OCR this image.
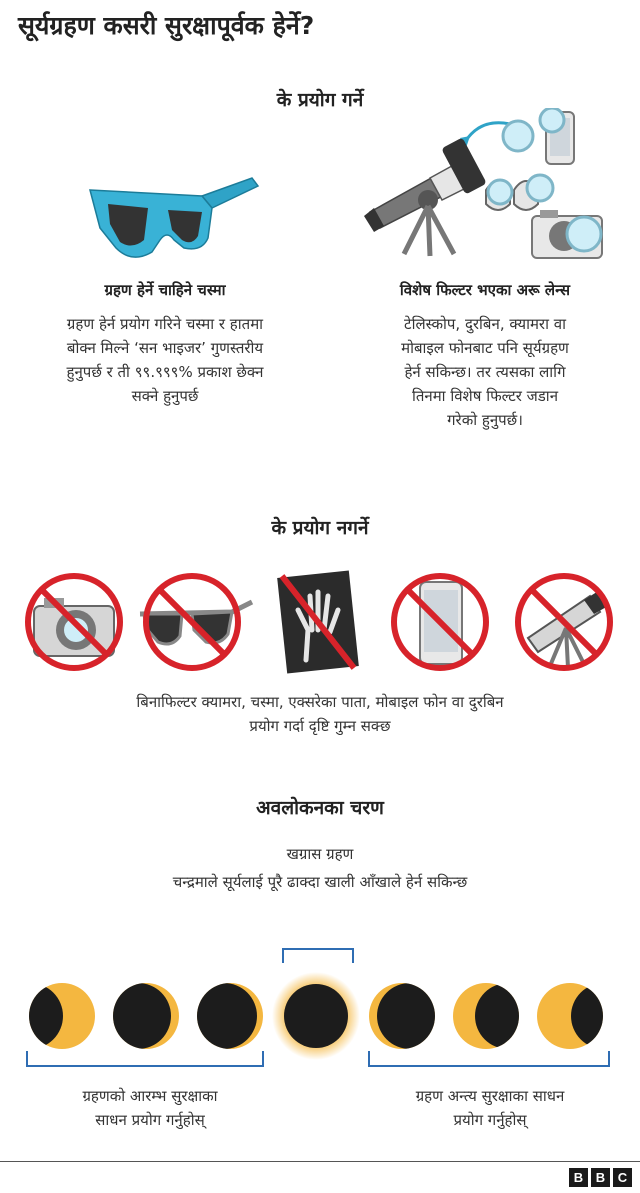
सूर्यग्रहण कसरी सुरक्षापूर्वक हेर्ने?
के प्रयोग गर्ने
ग्रहण हेर्ने चाहिने चस्मा
ग्रहण हेर्न प्रयोग गरिने चस्मा र हातमा
बोक्न मिल्ने ‘सन भाइजर’ गुणस्तरीय
हुनुपर्छ र ती ९९.९९९% प्रकाश छेक्न
सक्ने हुनुपर्छ
विशेष फिल्टर भएका अरू लेन्स
टेलिस्कोप, दुरबिन, क्यामरा वा
मोबाइल फोनबाट पनि सूर्यग्रहण
हेर्न सकिन्छ। तर त्यसका लागि
तिनमा विशेष फिल्टर जडान
गरेको हुनुपर्छ।
के प्रयोग नगर्ने
बिनाफिल्टर क्यामरा, चस्मा, एक्सरेका पाता, मोबाइल फोन वा दुरबिन
प्रयोग गर्दा दृष्टि गुम्न सक्छ
अवलोकनका चरण
खग्रास ग्रहण
चन्द्रमाले सूर्यलाई पूरै ढाक्दा खाली आँखाले हेर्न सकिन्छ
ग्रहणको आरम्भ सुरक्षाका
साधन प्रयोग गर्नुहोस्
ग्रहण अन्त्य सुरक्षाका साधन
प्रयोग गर्नुहोस्
B B C
